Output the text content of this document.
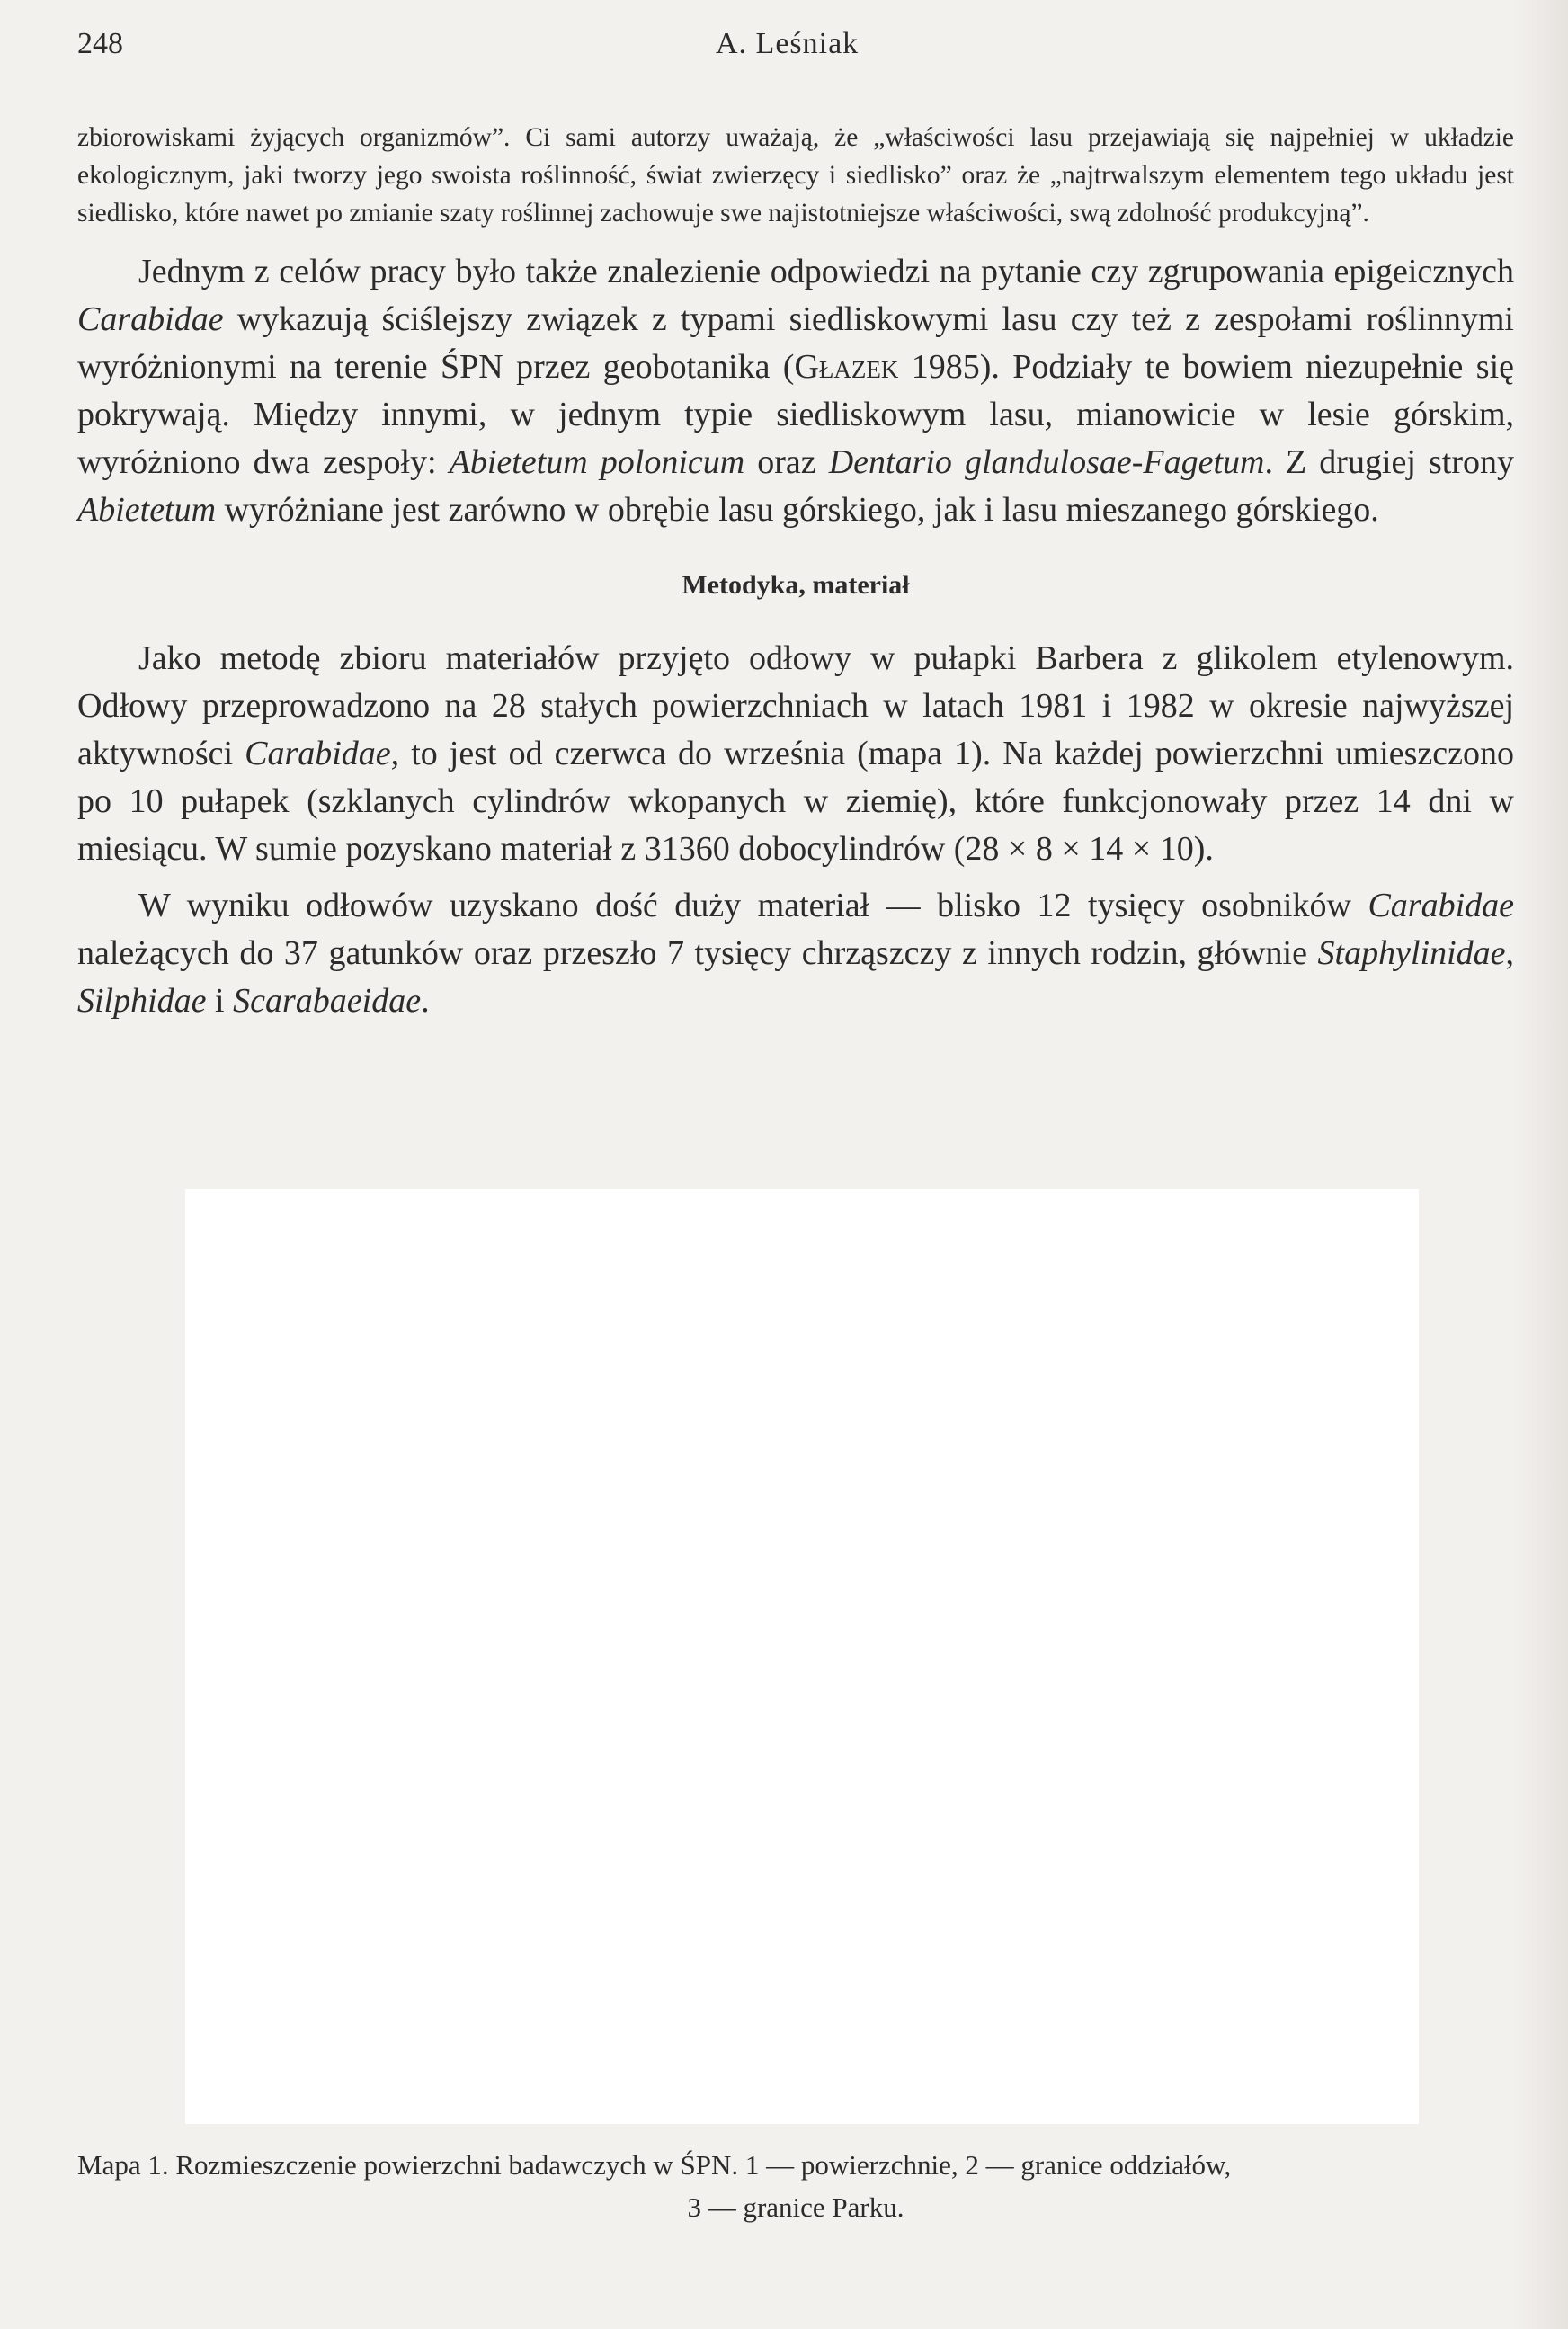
248	A. Leśniak

zbiorowiskami żyjących organizmów”. Ci sami autorzy uważają, że „właściwości lasu przejawiają się najpełniej w układzie ekologicznym, jaki tworzy jego swoista roślinność, świat zwierzęcy i siedlisko” oraz że „najtrwalszym elementem tego układu jest siedlisko, które nawet po zmianie szaty roślinnej zachowuje swe najistotniejsze właściwości, swą zdolność produkcyjną”.

Jednym z celów pracy było także znalezienie odpowiedzi na pytanie czy zgrupowania epigeicznych Carabidae wykazują ściślejszy związek z typami siedliskowymi lasu czy też z zespołami roślinnymi wyróżnionymi na terenie ŚPN przez geobotanika (Głazek 1985). Podziały te bowiem niezupełnie się pokrywają. Między innymi, w jednym typie siedliskowym lasu, mianowicie w lesie górskim, wyróżniono dwa zespoły: Abietetum polonicum oraz Dentario glandulosae-Fagetum. Z drugiej strony Abietetum wyróżniane jest zarówno w obrębie lasu górskiego, jak i lasu mieszanego górskiego.

Metodyka, materiał

Jako metodę zbioru materiałów przyjęto odłowy w pułapki Barbera z glikolem etylenowym. Odłowy przeprowadzono na 28 stałych powierzchniach w latach 1981 i 1982 w okresie najwyższej aktywności Carabidae, to jest od czerwca do września (mapa 1). Na każdej powierzchni umieszczono po 10 pułapek (szklanych cylindrów wkopanych w ziemię), które funkcjonowały przez 14 dni w miesiącu. W sumie pozyskano materiał z 31360 dobocylindrów (28 × 8 × 14 × 10).

W wyniku odłowów uzyskano dość duży materiał — blisko 12 tysięcy osobników Carabidae należących do 37 gatunków oraz przeszło 7 tysięcy chrząszczy z innych rodzin, głównie Staphylinidae, Silphidae i Scarabaeidae.

Mapa 1. Rozmieszczenie powierzchni badawczych w ŚPN. 1 — powierzchnie, 2 — granice oddziałów,
3 — granice Parku.
